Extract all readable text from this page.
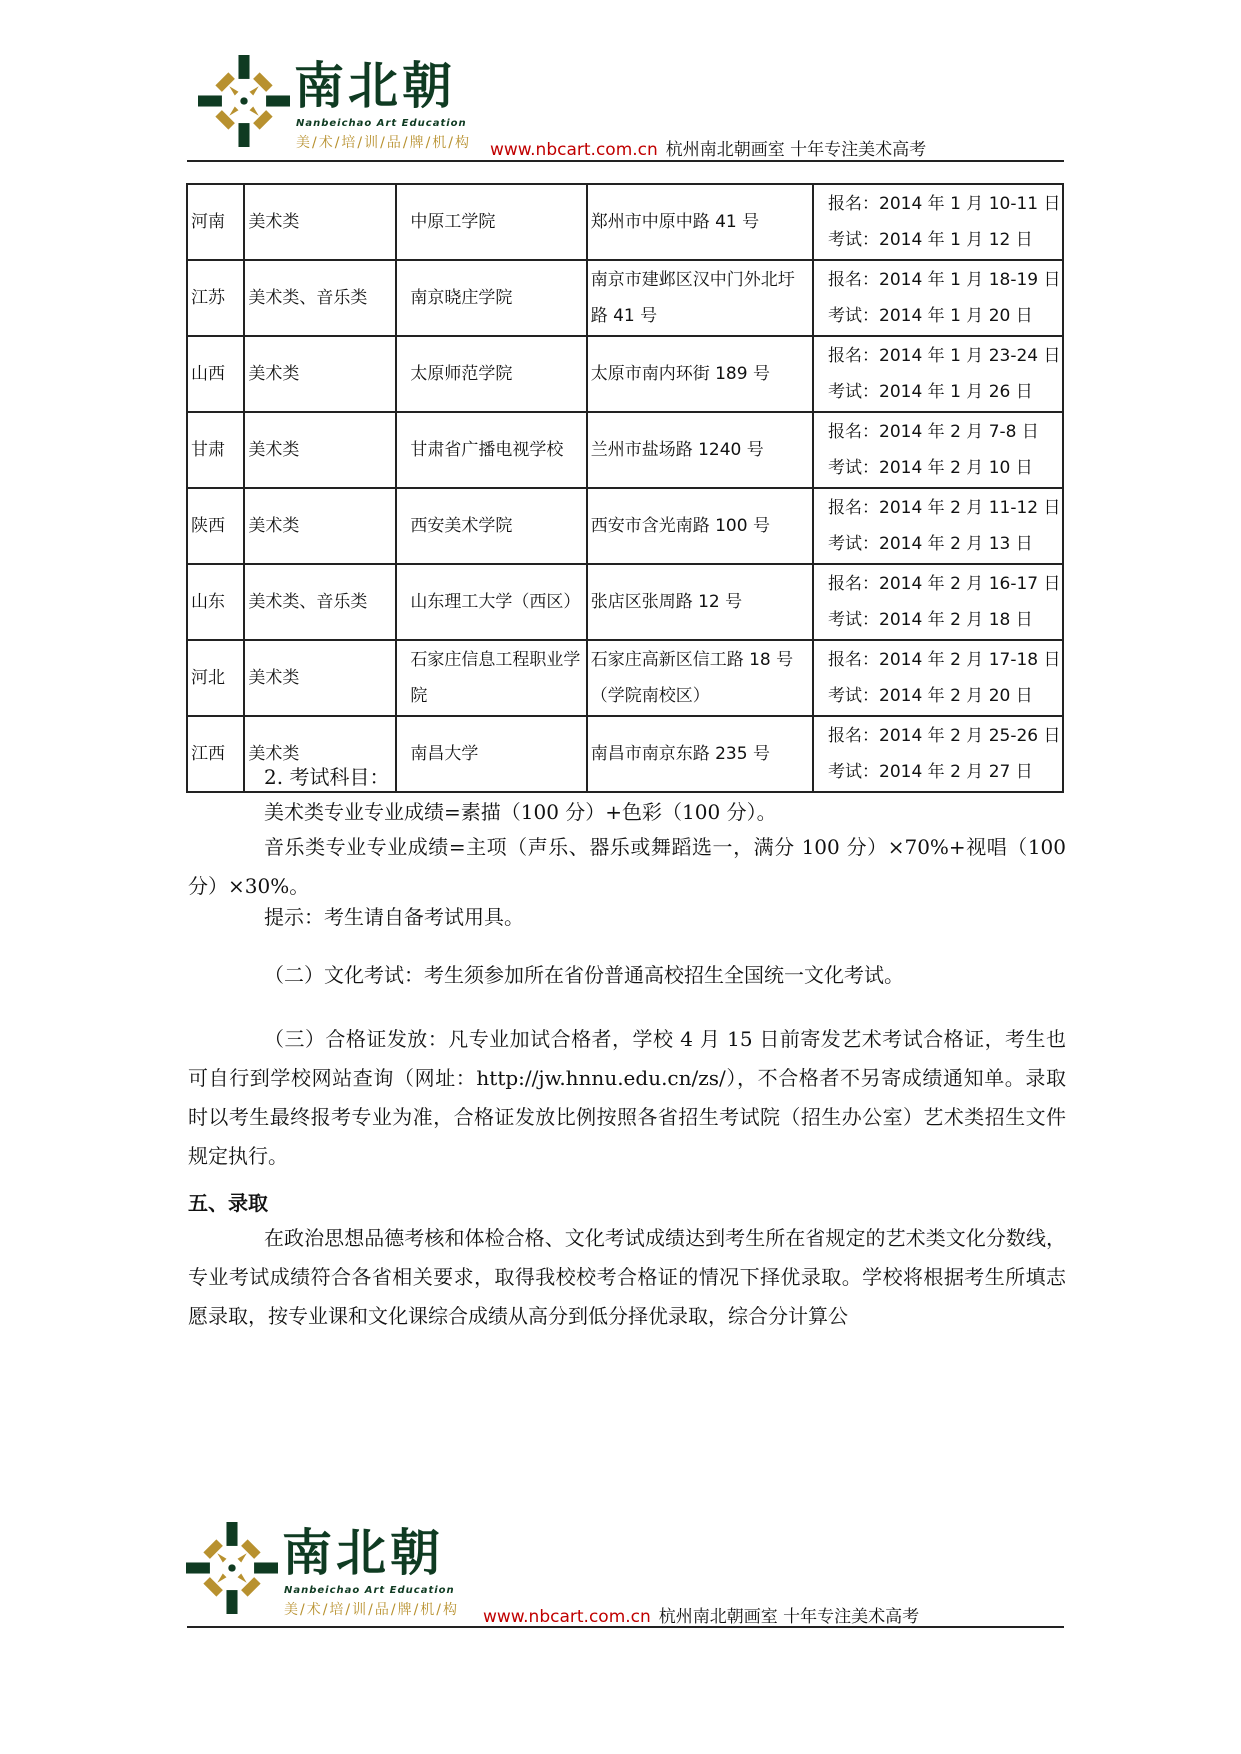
南北朝
Nanbeichao Art Education
美/术/培/训/品/牌/机/构 www.nbcart.com.cn 杭州南北朝画室 十年专注美术高考
河南	美术类	中原工学院	郑州市中原中路 41 号	报名：2014 年 1 月 10-11 日
考试：2014 年 1 月 12 日

江苏	美术类、音乐类	南京晓庄学院	南京市建邺区汉中门外北圩路 41 号	报名：2014 年 1 月 18-19 日
考试：2014 年 1 月 20 日

山西	美术类	太原师范学院	太原市南内环街 189 号	报名：2014 年 1 月 23-24 日
考试：2014 年 1 月 26 日

甘肃	美术类	甘肃省广播电视学校	兰州市盐场路 1240 号	报名：2014 年 2 月 7-8 日
考试：2014 年 2 月 10 日

陕西	美术类	西安美术学院	西安市含光南路 100 号	报名：2014 年 2 月 11-12 日
考试：2014 年 2 月 13 日

山东	美术类、音乐类	山东理工大学（西区）	张店区张周路 12 号	报名：2014 年 2 月 16-17 日
考试：2014 年 2 月 18 日

河北	美术类	石家庄信息工程职业学院	石家庄高新区信工路 18 号（学院南校区）	报名：2014 年 2 月 17-18 日
考试：2014 年 2 月 20 日

江西	美术类	南昌大学	南昌市南京东路 235 号	报名：2014 年 2 月 25-26 日
考试：2014 年 2 月 27 日
2. 考试科目：
美术类专业专业成绩=素描（100 分）+色彩（100 分）。
音乐类专业专业成绩=主项（声乐、器乐或舞蹈选一，满分 100 分）×70%+视唱（100 分）×30%。
提示：考生请自备考试用具。
（二）文化考试：考生须参加所在省份普通高校招生全国统一文化考试。
（三）合格证发放：凡专业加试合格者，学校 4 月 15 日前寄发艺术考试合格证，考生也可自行到学校网站查询（网址：http://jw.hnnu.edu.cn/zs/），不合格者不另寄成绩通知单。录取时以考生最终报考专业为准，合格证发放比例按照各省招生考试院（招生办公室）艺术类招生文件规定执行。
五、录取
在政治思想品德考核和体检合格、文化考试成绩达到考生所在省规定的艺术类文化分数线，专业考试成绩符合各省相关要求，取得我校校考合格证的情况下择优录取。学校将根据考生所填志愿录取，按专业课和文化课综合成绩从高分到低分择优录取，综合分计算公
南北朝
Nanbeichao Art Education
美/术/培/训/品/牌/机/构 www.nbcart.com.cn 杭州南北朝画室 十年专注美术高考
